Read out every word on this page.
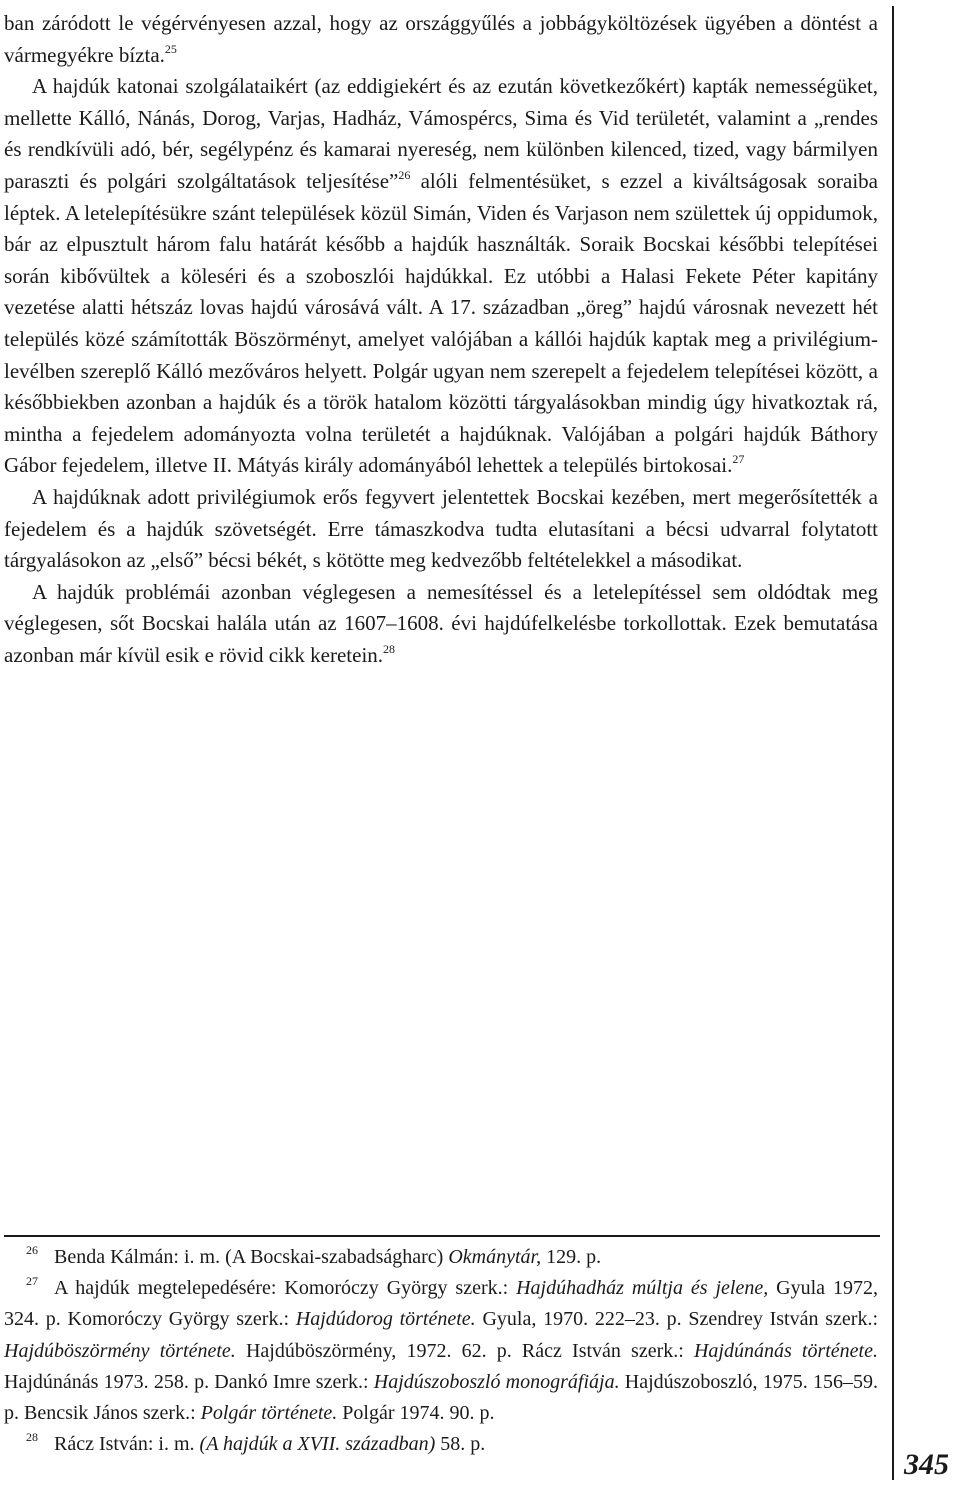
ban záródott le végérvényesen azzal, hogy az országgyűlés a jobbágyköltözések ügyében a döntést a vármegyékre bízta.$^{25}$

A hajdúk katonai szolgálataikért (az eddigiekért és az ezután következőkért) kapták nemességüket, mellette Kálló, Nánás, Dorog, Varjas, Hadház, Vámospércs, Sima és Vid területét, valamint a „rendes és rendkívüli adó, bér, segélypénz és kamarai nyereség, nem különben kilenced, tized, vagy bármilyen paraszti és polgári szolgáltatások teljesítése”$^{26}$ alóli felmentésüket, s ezzel a kiváltságosak soraiba léptek. A letelepítésükre szánt települések közül Simán, Viden és Varjason nem születtek új oppidumok, bár az elpusztult három falu határát később a hajdúk használták. Soraik Bocskai későbbi telepítései során kibővültek a köleséri és a szoboszlói hajdúkkal. Ez utóbbi a Halasi Fekete Péter kapitány vezetése alatti hétszáz lovas hajdú városává vált. A 17. században „öreg” hajdú városnak nevezett hét település közé számították Böszörményt, amelyet valójában a kállói hajdúk kaptak meg a privilégium-levélben szereplő Kálló mezőváros helyett. Polgár ugyan nem szerepelt a fejedelem telepítései között, a későbbiekben azonban a hajdúk és a török hatalom közötti tárgyalásokban mindig úgy hivatkoztak rá, mintha a fejedelem adományozta volna területét a hajdúknak. Valójában a polgári hajdúk Báthory Gábor fejedelem, illetve II. Mátyás király adományából lehettek a település birtokosai.$^{27}$

A hajdúknak adott privilégiumok erős fegyvert jelentettek Bocskai kezében, mert megerősítették a fejedelem és a hajdúk szövetségét. Erre támaszkodva tudta elutasítani a bécsi udvarral folytatott tárgyalásokon az „első” bécsi békét, s kötötte meg kedvezőbb feltételekkel a másodikat.

A hajdúk problémái azonban véglegesen a nemesítéssel és a letelepítéssel sem oldódtak meg véglegesen, sőt Bocskai halála után az 1607–1608. évi hajdúfelkelésbe torkollottak. Ezek bemutatása azonban már kívül esik e rövid cikk keretein.$^{28}$

$^{26}$ Benda Kálmán: i. m. (A Bocskai-szabadságharc) Okmánytár, 129. p.

$^{27}$ A hajdúk megtelepedésére: Komoróczy György szerk.: Hajdúhadház múltja és jelene, Gyula 1972, 324. p. Komoróczy György szerk.: Hajdúdorog története. Gyula, 1970. 222–23. p. Szendrey István szerk.: Hajdúböszörmény története. Hajdúböszörmény, 1972. 62. p. Rácz István szerk.: Hajdúnánás története. Hajdúnánás 1973. 258. p. Dankó Imre szerk.: Hajdúszoboszló monográfiája. Hajdúszoboszló, 1975. 156–59. p. Bencsik János szerk.: Polgár története. Polgár 1974. 90. p.

$^{28}$ Rácz István: i. m. (A hajdúk a XVII. században) 58. p.

345
